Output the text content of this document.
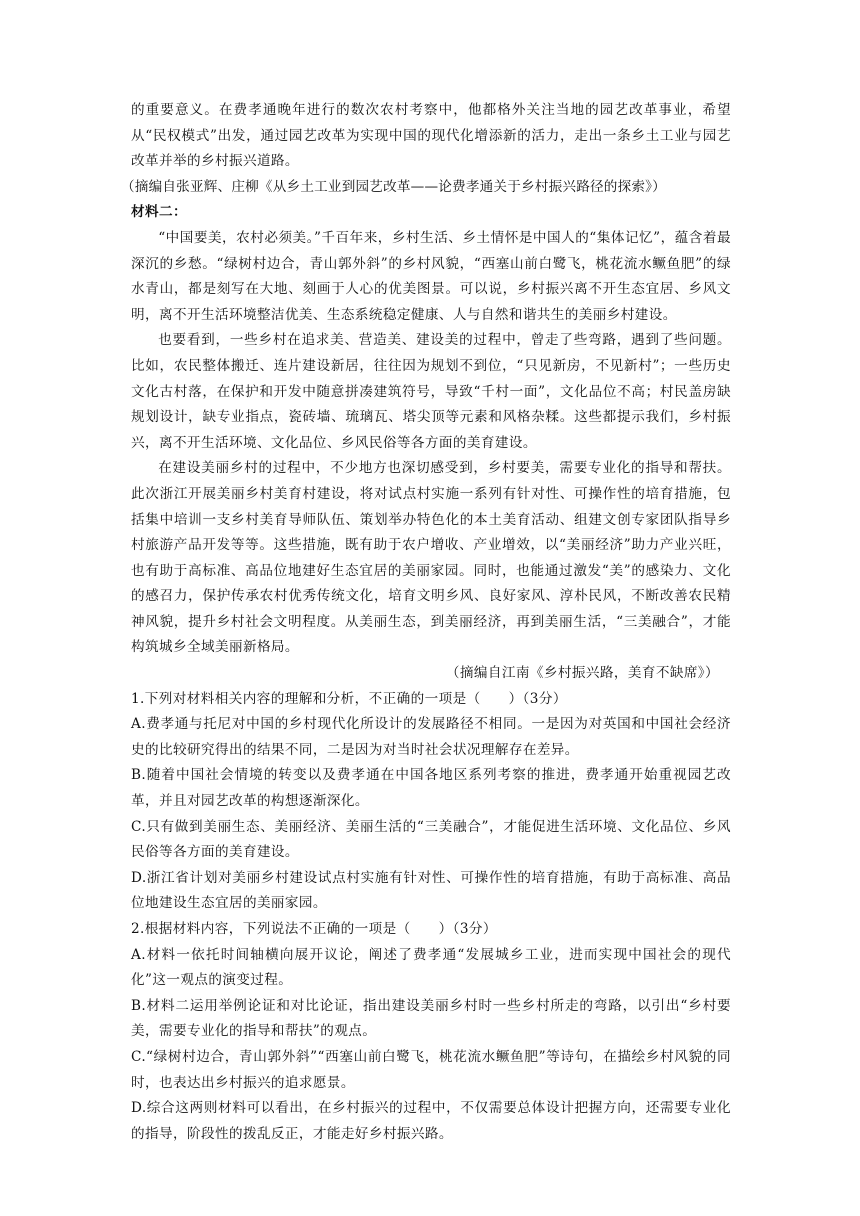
的重要意义。在费孝通晚年进行的数次农村考察中，他都格外关注当地的园艺改革事业，希望从“民权模式”出发，通过园艺改革为实现中国的现代化增添新的活力，走出一条乡土工业与园艺改革并举的乡村振兴道路。

（摘编自张亚辉、庄柳《从乡土工业到园艺改革——论费孝通关于乡村振兴路径的探索》）

材料二：

“中国要美，农村必须美。”千百年来，乡村生活、乡土情怀是中国人的“集体记忆”，蕴含着最深沉的乡愁。“绿树村边合，青山郭外斜”的乡村风貌，“西塞山前白鹭飞，桃花流水鳜鱼肥”的绿水青山，都是刻写在大地、刻画于人心的优美图景。可以说，乡村振兴离不开生态宜居、乡风文明，离不开生活环境整洁优美、生态系统稳定健康、人与自然和谐共生的美丽乡村建设。

也要看到，一些乡村在追求美、营造美、建设美的过程中，曾走了些弯路，遇到了些问题。比如，农民整体搬迁、连片建设新居，往往因为规划不到位，“只见新房，不见新村”；一些历史文化古村落，在保护和开发中随意拼凑建筑符号，导致“千村一面”，文化品位不高；村民盖房缺规划设计，缺专业指点，瓷砖墙、琉璃瓦、塔尖顶等元素和风格杂糅。这些都提示我们，乡村振兴，离不开生活环境、文化品位、乡风民俗等各方面的美育建设。

在建设美丽乡村的过程中，不少地方也深切感受到，乡村要美，需要专业化的指导和帮扶。此次浙江开展美丽乡村美育村建设，将对试点村实施一系列有针对性、可操作性的培育措施，包括集中培训一支乡村美育导师队伍、策划举办特色化的本土美育活动、组建文创专家团队指导乡村旅游产品开发等等。这些措施，既有助于农户增收、产业增效，以“美丽经济”助力产业兴旺，也有助于高标准、高品位地建好生态宜居的美丽家园。同时，也能通过激发“美”的感染力、文化的感召力，保护传承农村优秀传统文化，培育文明乡风、良好家风、淳朴民风，不断改善农民精神风貌，提升乡村社会文明程度。从美丽生态，到美丽经济，再到美丽生活，“三美融合”，才能构筑城乡全域美丽新格局。

（摘编自江南《乡村振兴路，美育不缺席》）

1.下列对材料相关内容的理解和分析，不正确的一项是（　　）（3分）

A.费孝通与托尼对中国的乡村现代化所设计的发展路径不相同。一是因为对英国和中国社会经济史的比较研究得出的结果不同，二是因为对当时社会状况理解存在差异。

B.随着中国社会情境的转变以及费孝通在中国各地区系列考察的推进，费孝通开始重视园艺改革，并且对园艺改革的构想逐渐深化。

C.只有做到美丽生态、美丽经济、美丽生活的“三美融合”，才能促进生活环境、文化品位、乡风民俗等各方面的美育建设。

D.浙江省计划对美丽乡村建设试点村实施有针对性、可操作性的培育措施，有助于高标准、高品位地建设生态宜居的美丽家园。

2.根据材料内容，下列说法不正确的一项是（　　）（3分）

A.材料一依托时间轴横向展开议论，阐述了费孝通“发展城乡工业，进而实现中国社会的现代化”这一观点的演变过程。

B.材料二运用举例论证和对比论证，指出建设美丽乡村时一些乡村所走的弯路，以引出“乡村要美，需要专业化的指导和帮扶”的观点。

C.“绿树村边合，青山郭外斜”“西塞山前白鹭飞，桃花流水鳜鱼肥”等诗句，在描绘乡村风貌的同时，也表达出乡村振兴的追求愿景。

D.综合这两则材料可以看出，在乡村振兴的过程中，不仅需要总体设计把握方向，还需要专业化的指导，阶段性的拨乱反正，才能走好乡村振兴路。
